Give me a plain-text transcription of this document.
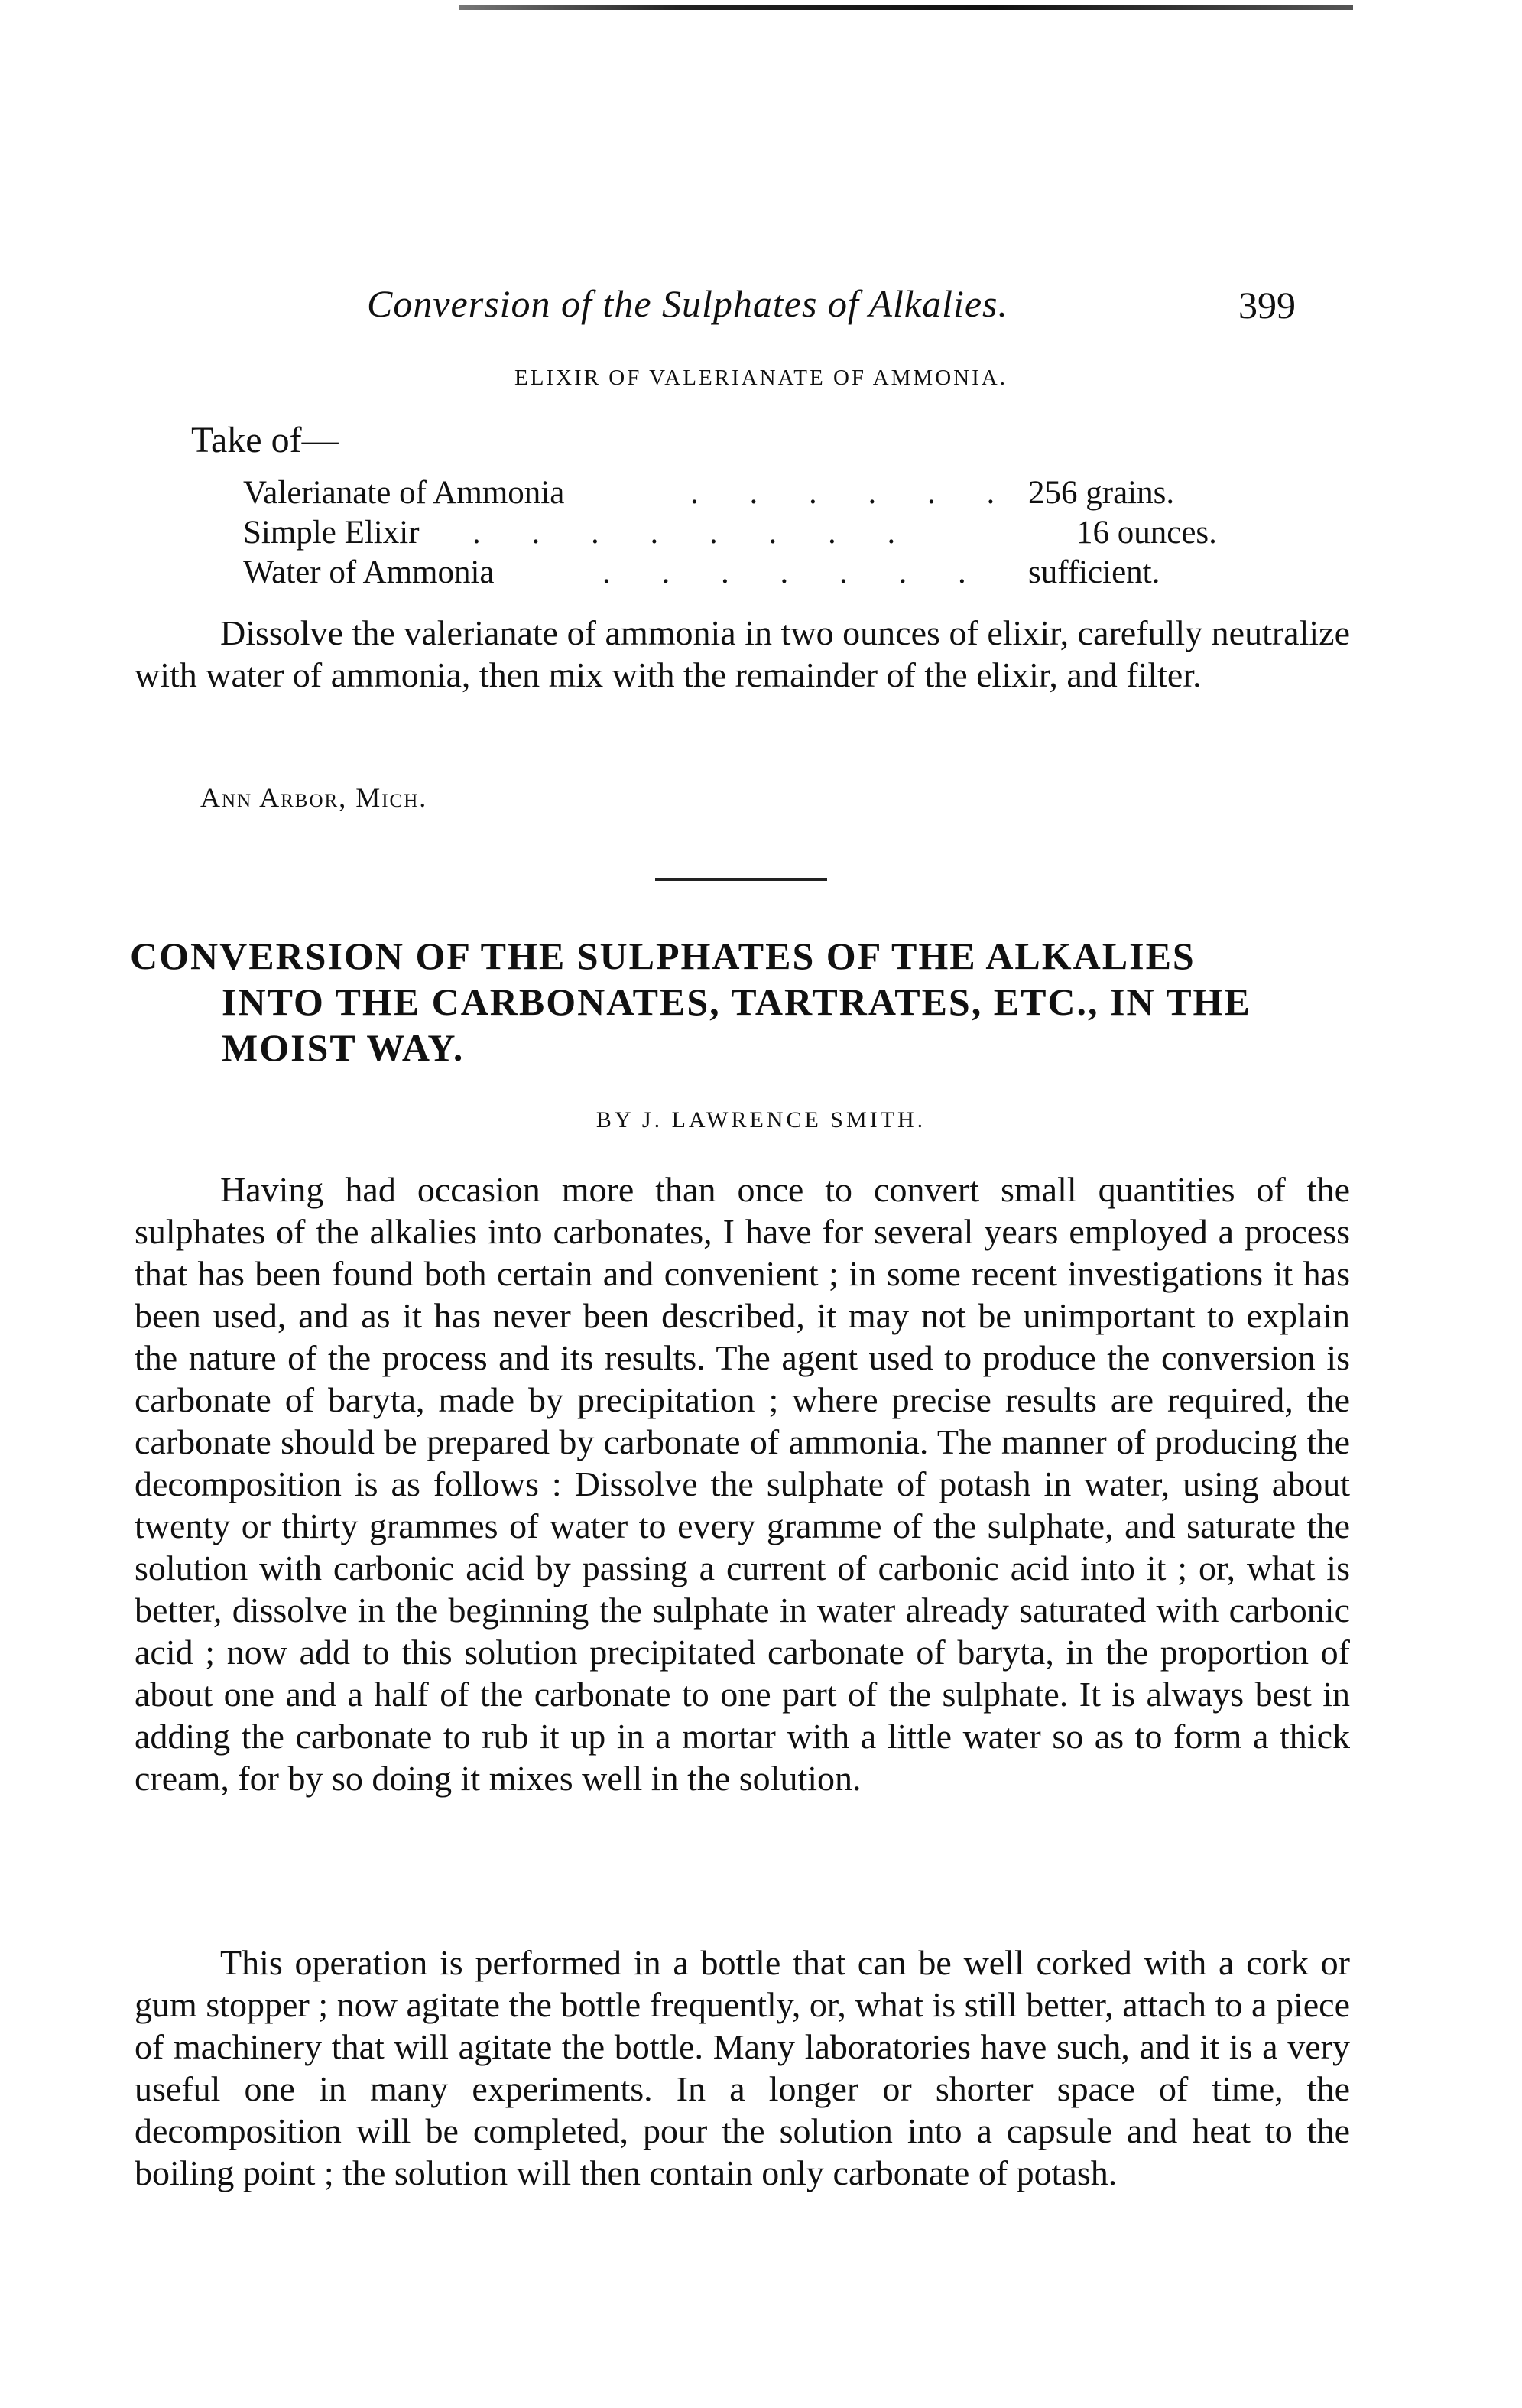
Conversion of the Sulphates of Alkalies.	399
ELIXIR OF VALERIANATE OF AMMONIA.
Take of—
Valerianate of Ammonia	. . . . . . 256 grains.
Simple Elixir . . . . . . . .	16 ounces.
Water of Ammonia	. . . . . . . sufficient.

Dissolve the valerianate of ammonia in two ounces of elixir, carefully neutralize with water of ammonia, then mix with the remainder of the elixir, and filter.

Ann Arbor, Mich.
CONVERSION OF THE SULPHATES OF THE ALKALIES
INTO THE CARBONATES, TARTRATES, ETC., IN THE
MOIST WAY.
BY J. LAWRENCE SMITH.

Having had occasion more than once to convert small quantities of the sulphates of the alkalies into carbonates, I have for several years employed a process that has been found both certain and convenient ; in some recent investigations it has been used, and as it has never been described, it may not be unimportant to explain the nature of the process and its results. The agent used to produce the conversion is carbonate of baryta, made by precipitation ; where precise results are required, the carbonate should be prepared by carbonate of ammonia. The manner of producing the decomposition is as follows : Dissolve the sulphate of potash in water, using about twenty or thirty grammes of water to every gramme of the sulphate, and saturate the solution with carbonic acid by passing a current of carbonic acid into it ; or, what is better, dissolve in the beginning the sulphate in water already saturated with carbonic acid ; now add to this solution precipitated carbonate of baryta, in the proportion of about one and a half of the carbonate to one part of the sulphate. It is always best in adding the carbonate to rub it up in a mortar with a little water so as to form a thick cream, for by so doing it mixes well in the solution.

This operation is performed in a bottle that can be well corked with a cork or gum stopper ; now agitate the bottle frequently, or, what is still better, attach to a piece of machinery that will agitate the bottle. Many laboratories have such, and it is a very useful one in many experiments. In a longer or shorter space of time, the decomposition will be completed, pour the solution into a capsule and heat to the boiling point ; the solution will then contain only carbonate of potash.
